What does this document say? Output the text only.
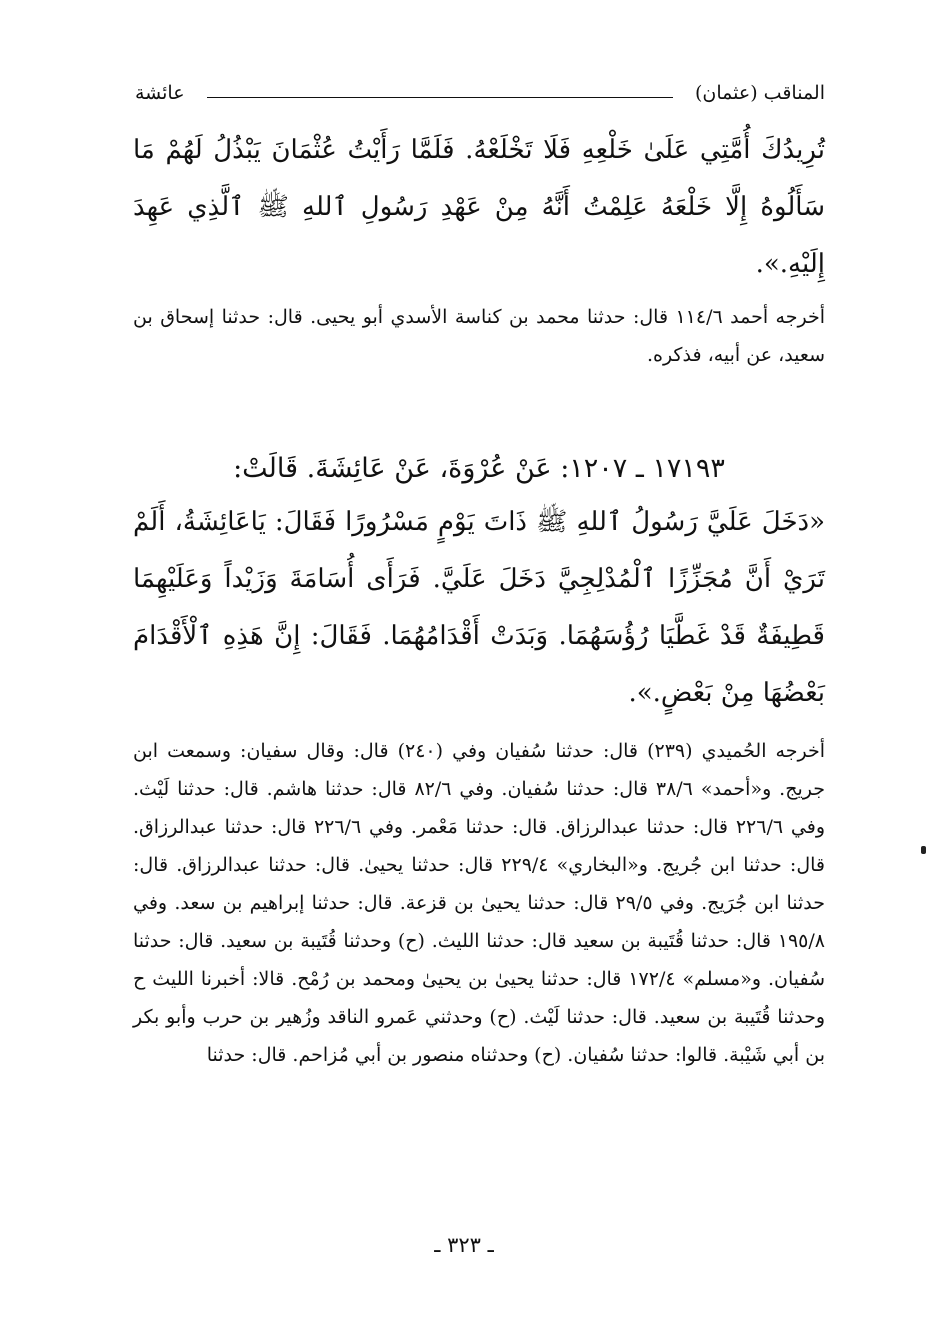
المناقب (عثمان)
عائشة
تُرِيدُكَ أُمَّتِي عَلَىٰ خَلْعِهِ فَلَا تَخْلَعْهُ. فَلَمَّا رَأَيْتُ عُثْمَانَ يَبْذُلُ لَهُمْ مَا سَأَلُوهُ إِلَّا خَلْعَهُ عَلِمْتُ أَنَّهُ مِنْ عَهْدِ رَسُولِ ٱللهِ ﷺ ٱلَّذِي عَهِدَ إِلَيْهِ.».
أخرجه أحمد ١١٤/٦ قال: حدثنا محمد بن كناسة الأسدي أبو يحيى. قال: حدثنا إسحاق بن سعيد، عن أبيه، فذكره.
١٧١٩٣ ـ ١٢٠٧: عَنْ عُرْوَةَ، عَنْ عَائِشَةَ. قَالَتْ:
«دَخَلَ عَلَيَّ رَسُولُ ٱللهِ ﷺ ذَاتَ يَوْمٍ مَسْرُورًا فَقَالَ: يَاعَائِشَةُ، أَلَمْ تَرَيْ أَنَّ مُجَزِّزًا ٱلْمُدْلِجِيَّ دَخَلَ عَلَيَّ. فَرَأَى أُسَامَةَ وَزَيْداً وَعَلَيْهِمَا قَطِيفَةٌ قَدْ غَطَّيَا رُؤُسَهُمَا. وَبَدَتْ أَقْدَامُهُمَا. فَقَالَ: إِنَّ هَذِهِ ٱلْأَقْدَامَ بَعْضُهَا مِنْ بَعْضٍ.».
أخرجه الحُميدي (٢٣٩) قال: حدثنا سُفيان وفي (٢٤٠) قال: وقال سفيان: وسمعت ابن جريج. و«أحمد» ٣٨/٦ قال: حدثنا سُفيان. وفي ٨٢/٦ قال: حدثنا هاشم. قال: حدثنا لَيْث. وفي ٢٢٦/٦ قال: حدثنا عبدالرزاق. قال: حدثنا مَعْمر. وفي ٢٢٦/٦ قال: حدثنا عبدالرزاق. قال: حدثنا ابن جُريج. و«البخاري» ٢٢٩/٤ قال: حدثنا يحيىٰ. قال: حدثنا عبدالرزاق. قال: حدثنا ابن جُرَيج. وفي ٢٩/٥ قال: حدثنا يحيىٰ بن قزعة. قال: حدثنا إبراهيم بن سعد. وفي ١٩٥/٨ قال: حدثنا قُتَيبة بن سعيد قال: حدثنا الليث. (ح) وحدثنا قُتَيبة بن سعيد. قال: حدثنا سُفيان. و«مسلم» ١٧٢/٤ قال: حدثنا يحيىٰ بن يحيىٰ ومحمد بن رُمْح. قالا: أخبرنا الليث ح وحدثنا قُتَيبة بن سعيد. قال: حدثنا لَيْث. (ح) وحدثني عَمرو الناقد وزُهير بن حرب وأبو بكر بن أبي شَيْبة. قالوا: حدثنا سُفيان. (ح) وحدثناه منصور بن أبي مُزاحم. قال: حدثنا
ـ ٣٢٣ ـ
